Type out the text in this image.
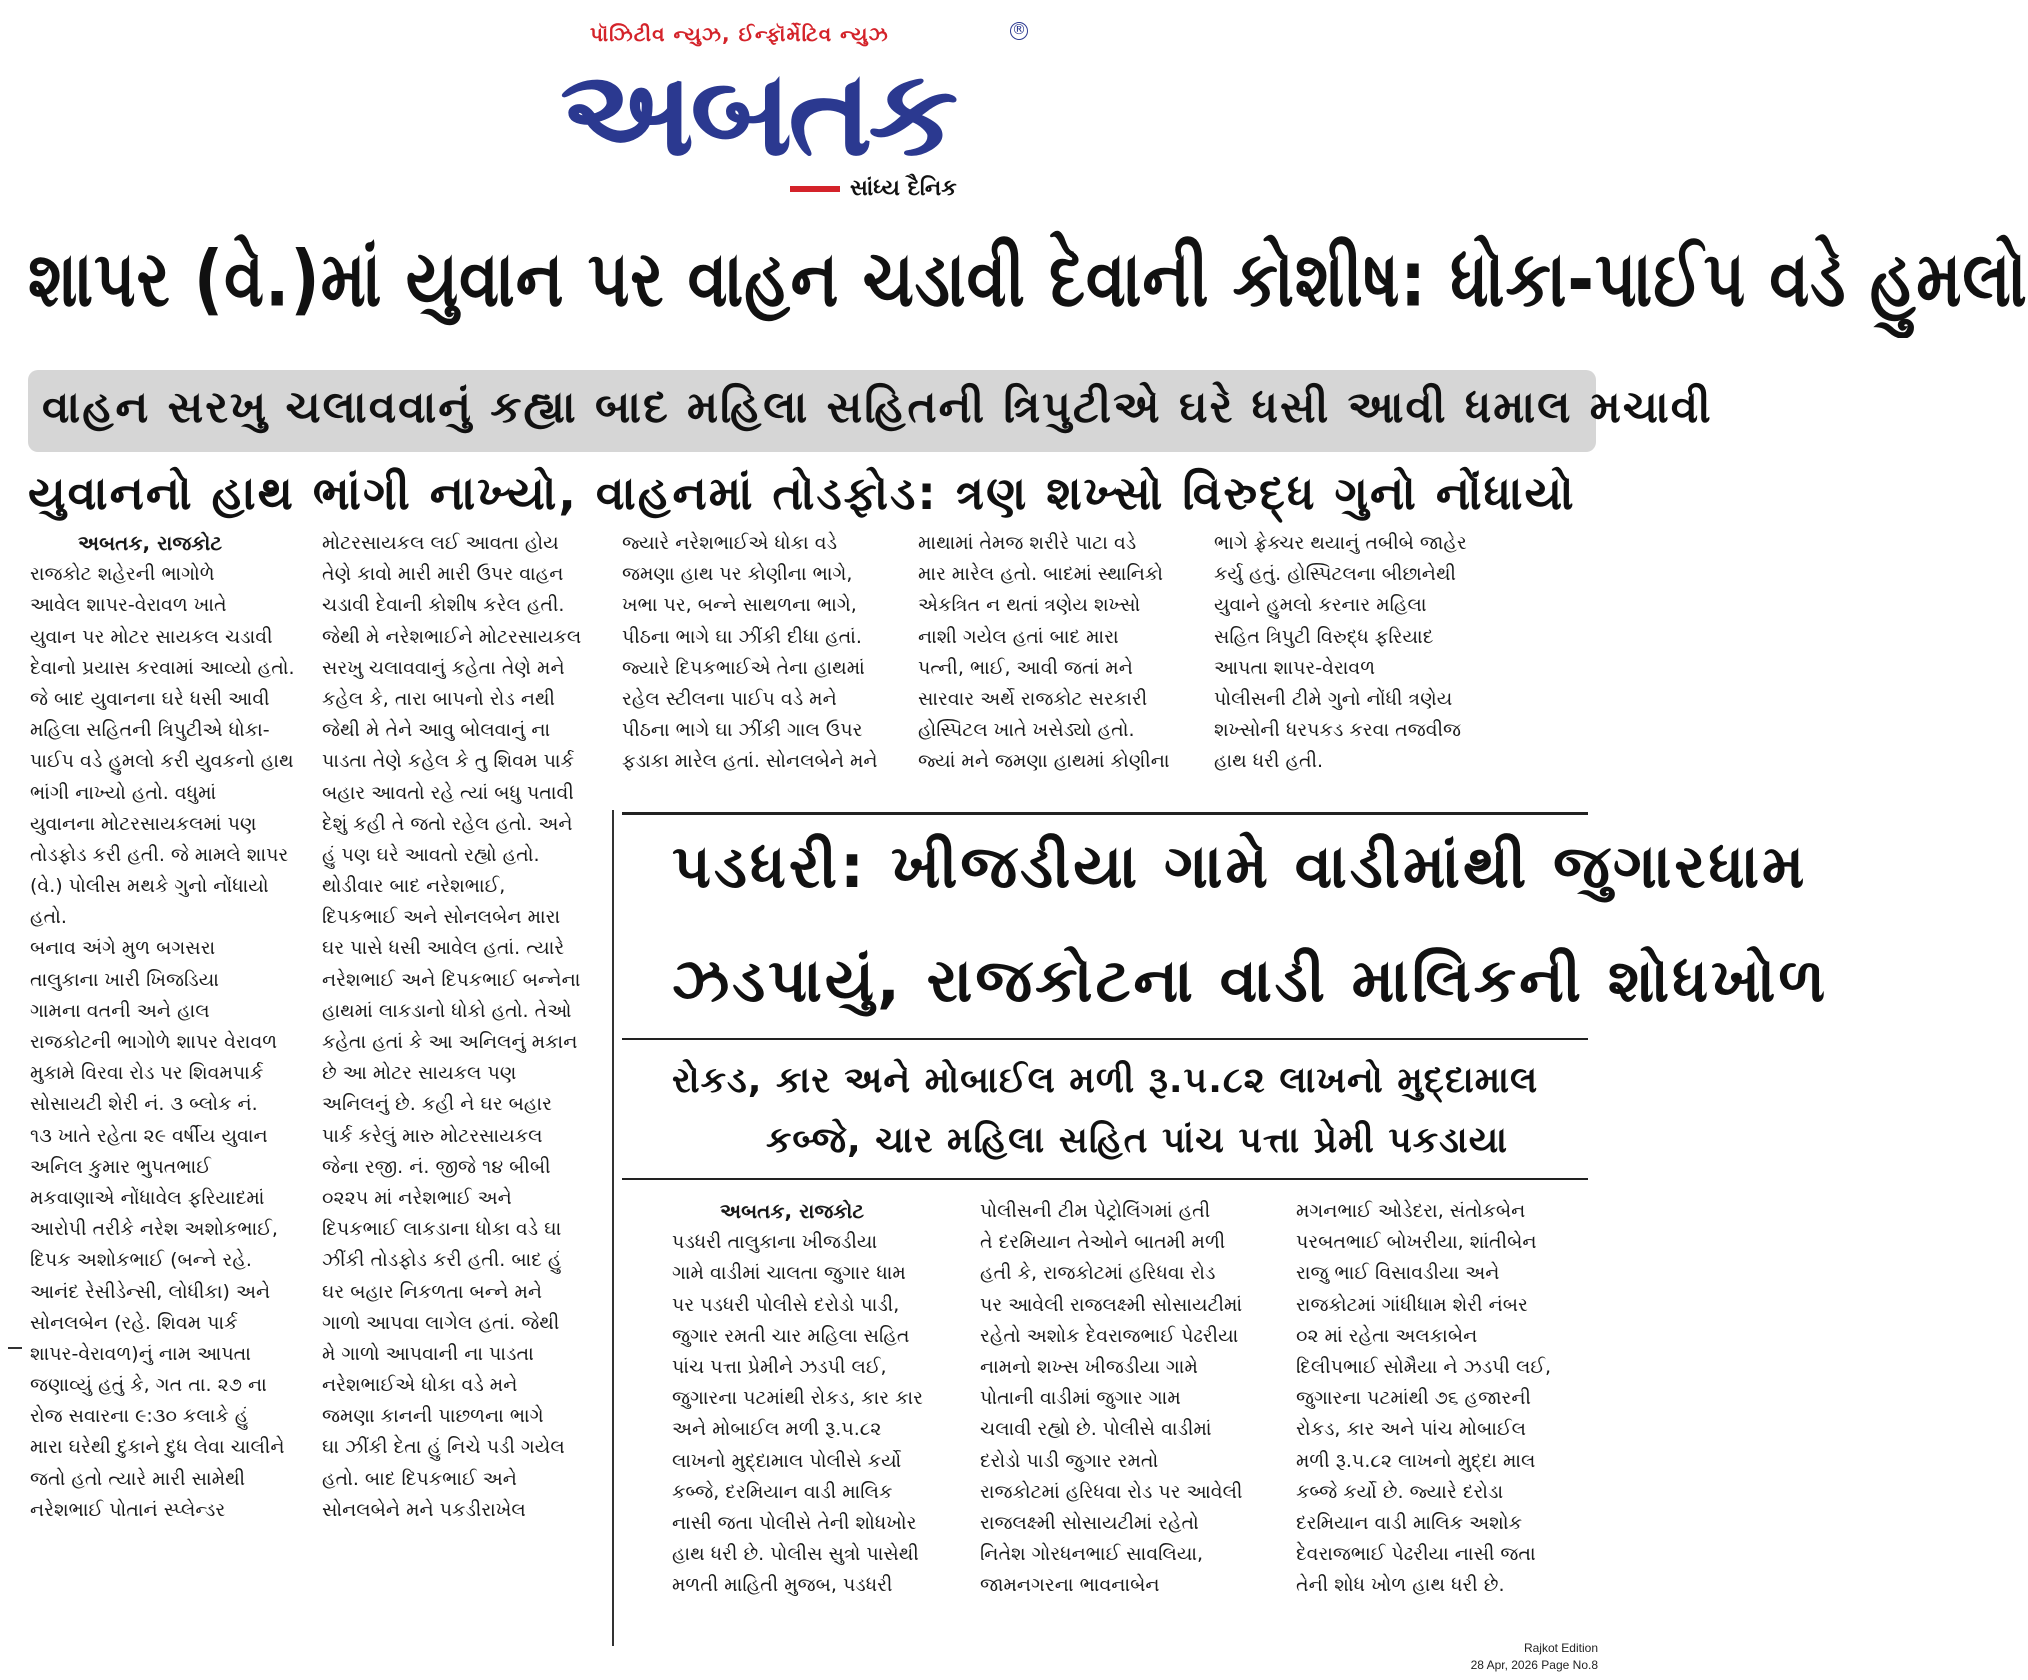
પૉઝિટીવ ન્યુઝ, ઈન્ફૉર્મેટિવ ન્યુઝ	®
અબતક
સાંધ્ય દૈનિક
શાપર (વે.)માં યુવાન પર વાહન ચડાવી દેવાની કોશીષ: ધોકા-પાઈપ વડે હુમલો
વાહન સરખુ ચલાવવાનું કહ્યા બાદ મહિલા સહિતની ત્રિપુટીએ ઘરે ધસી આવી ધમાલ મચાવી
યુવાનનો હાથ ભાંગી નાખ્યો, વાહનમાં તોડફોડ: ત્રણ શખ્સો વિરુદ્ધ ગુનો નોંધાયો
અબતક, રાજકોટ
રાજકોટ શહેરની ભાગોળે
આવેલ શાપર-વેરાવળ ખાતે
યુવાન પર મોટર સાયકલ ચડાવી
દેવાનો પ્રયાસ કરવામાં આવ્યો હતો.
જે બાદ યુવાનના ઘરે ધસી આવી
મહિલા સહિતની ત્રિપુટીએ ધોકા-
પાઈપ વડે હુમલો કરી યુવકનો હાથ
ભાંગી નાખ્યો હતો. વધુમાં
યુવાનના મોટરસાયકલમાં પણ
તોડફોડ કરી હતી. જે મામલે શાપર
(વે.) પોલીસ મથકે ગુનો નોંધાયો
હતો.
બનાવ અંગે મુળ બગસરા
તાલુકાના ખારી ખિજડિયા
ગામના વતની અને હાલ
રાજકોટની ભાગોળે શાપર વેરાવળ
મુકામે વિરવા રોડ પર શિવમપાર્ક
સોસાયટી શેરી નં. ૩ બ્લોક નં.
૧૩ ખાતે રહેતા ૨૯ વર્ષીય યુવાન
અનિલ કુમાર ભુપતભાઈ
મકવાણાએ નોંધાવેલ ફરિયાદમાં
આરોપી તરીકે નરેશ અશોકભાઈ,
દિપક અશોકભાઈ (બન્ને રહે.
આનંદ રેસીડેન્સી, લોધીકા) અને
સોનલબેન (રહે. શિવમ પાર્ક
શાપર-વેરાવળ)નું નામ આપતા
જણાવ્યું હતું કે, ગત તા. ૨૭ ના
રોજ સવારના ૯:૩૦ કલાકે હું
મારા ઘરેથી દુકાને દુધ લેવા ચાલીને
જતો હતો ત્યારે મારી સામેથી
નરેશભાઈ પોતાનં સ્પ્લેન્ડર
મોટરસાયકલ લઈ આવતા હોય
તેણે કાવો મારી મારી ઉપર વાહન
ચડાવી દેવાની કોશીષ કરેલ હતી.
જેથી મે નરેશભાઈને મોટરસાયકલ
સરખુ ચલાવવાનું કહેતા તેણે મને
કહેલ કે, તારા બાપનો રોડ નથી
જેથી મે તેને આવુ બોલવાનું ના
પાડતા તેણે કહેલ કે તુ શિવમ પાર્ક
બહાર આવતો રહે ત્યાં બધુ પતાવી
દેશું કહી તે જતો રહેલ હતો. અને
હું પણ ઘરે આવતો રહ્યો હતો.
થોડીવાર બાદ નરેશભાઈ,
દિપકભાઈ અને સોનલબેન મારા
ઘર પાસે ધસી આવેલ હતાં. ત્યારે
નરેશભાઈ અને દિપકભાઈ બન્નેના
હાથમાં લાકડાનો ધોકો હતો. તેઓ
કહેતા હતાં કે આ અનિલનું મકાન
છે આ મોટર સાયકલ પણ
અનિલનું છે. કહી ને ઘર બહાર
પાર્ક કરેલું મારુ મોટરસાયકલ
જેના રજી. નં. જીજે ૧૪ બીબી
૦૨૨૫ માં નરેશભાઈ અને
દિપકભાઈ લાકડાના ધોકા વડે ઘા
ઝીંકી તોડફોડ કરી હતી. બાદ હું
ઘર બહાર નિકળતા બન્ને મને
ગાળો આપવા લાગેલ હતાં. જેથી
મે ગાળો આપવાની ના પાડતા
નરેશભાઈએ ધોકા વડે મને
જમણા કાનની પાછળના ભાગે
ઘા ઝીંકી દેતા હું નિચે પડી ગયેલ
હતો. બાદ દિપકભાઈ અને
સોનલબેને મને પકડીરાખેલ
જ્યારે નરેશભાઈએ ધોકા વડે
જમણા હાથ પર કોણીના ભાગે,
ખભા પર, બન્ને સાથળના ભાગે,
પીઠના ભાગે ઘા ઝીંકી દીધા હતાં.
જ્યારે દિપકભાઈએ તેના હાથમાં
રહેલ સ્ટીલના પાઈપ વડે મને
પીઠના ભાગે ઘા ઝીંકી ગાલ ઉપર
ફડાકા મારેલ હતાં. સોનલબેને મને
માથામાં તેમજ શરીરે પાટા વડે
માર મારેલ હતો. બાદમાં સ્થાનિકો
એકત્રિત ન થતાં ત્રણેય શખ્સો
નાશી ગયેલ હતાં બાદ મારા
પત્ની, ભાઈ, આવી જતાં મને
સારવાર અર્થે રાજકોટ સરકારી
હોસ્પિટલ ખાતે ખસેડ્યો હતો.
જ્યાં મને જમણા હાથમાં કોણીના
ભાગે ફ્રેક્ચર થયાનું તબીબે જાહેર
કર્યુ હતું. હોસ્પિટલના બીછાનેથી
યુવાને હુમલો કરનાર મહિલા
સહિત ત્રિપુટી વિરુદ્ધ ફરિયાદ
આપતા શાપર-વેરાવળ
પોલીસની ટીમે ગુનો નોંધી ત્રણેય
શખ્સોની ધરપકડ કરવા તજવીજ
હાથ ધરી હતી.
પડધરી: ખીજડીયા ગામે વાડીમાંથી જુગારધામ
ઝડપાયું, રાજકોટના વાડી માલિકની શોધખોળ
રોકડ, કાર અને મોબાઈલ મળી રૂ.૫.૮૨ લાખનો મુદ્દામાલ
કબ્જે, ચાર મહિલા સહિત પાંચ પત્તા પ્રેમી પકડાયા
અબતક, રાજકોટ
પડધરી તાલુકાના ખીજડીયા
ગામે વાડીમાં ચાલતા જુગાર ધામ
પર પડધરી પોલીસે દરોડો પાડી,
જુગાર રમતી ચાર મહિલા સહિત
પાંચ પત્તા પ્રેમીને ઝડપી લઈ,
જુગારના પટમાંથી રોકડ, કાર કાર
અને મોબાઈલ મળી રૂ.૫.૮૨
લાખનો મુદ્દામાલ પોલીસે કર્યો
કબ્જે, દરમિયાન વાડી માલિક
નાસી જતા પોલીસે તેની શોધખોર
હાથ ધરી છે. પોલીસ સુત્રો પાસેથી
મળતી માહિતી મુજબ, પડધરી
પોલીસની ટીમ પેટ્રોલિંગમાં હતી
તે દરમિયાન તેઓને બાતમી મળી
હતી કે, રાજકોટમાં હરિધવા રોડ
પર આવેલી રાજલક્ષ્મી સોસાયટીમાં
રહેતો અશોક દેવરાજભાઈ પેઢરીયા
નામનો શખ્સ ખીજડીયા ગામે
પોતાની વાડીમાં જુગાર ગામ
ચલાવી રહ્યો છે. પોલીસે વાડીમાં
દરોડો પાડી જુગાર રમતો
રાજકોટમાં હરિધવા રોડ પર આવેલી
રાજલક્ષ્મી સોસાયટીમાં રહેતો
નિતેશ ગોરધનભાઈ સાવલિયા,
જામનગરના ભાવનાબેન
મગનભાઈ ઓડેદરા, સંતોકબેન
પરબતભાઈ બોખરીયા, શાંતીબેન
રાજુ ભાઈ વિસાવડીયા અને
રાજકોટમાં ગાંધીધામ શેરી નંબર
૦૨ માં રહેતા અલકાબેન
દિલીપભાઈ સોમૈયા ને ઝડપી લઈ,
જુગારના પટમાંથી ૭૬ હજારની
રોકડ, કાર અને પાંચ મોબાઈલ
મળી રૂ.૫.૮૨ લાખનો મુદ્દા માલ
કબ્જે કર્યો છે. જ્યારે દરોડા
દરમિયાન વાડી માલિક અશોક
દેવરાજભાઈ પેઢરીયા નાસી જતા
તેની શોધ ખોળ હાથ ધરી છે.
Rajkot Edition
28 Apr, 2026 Page No.8
